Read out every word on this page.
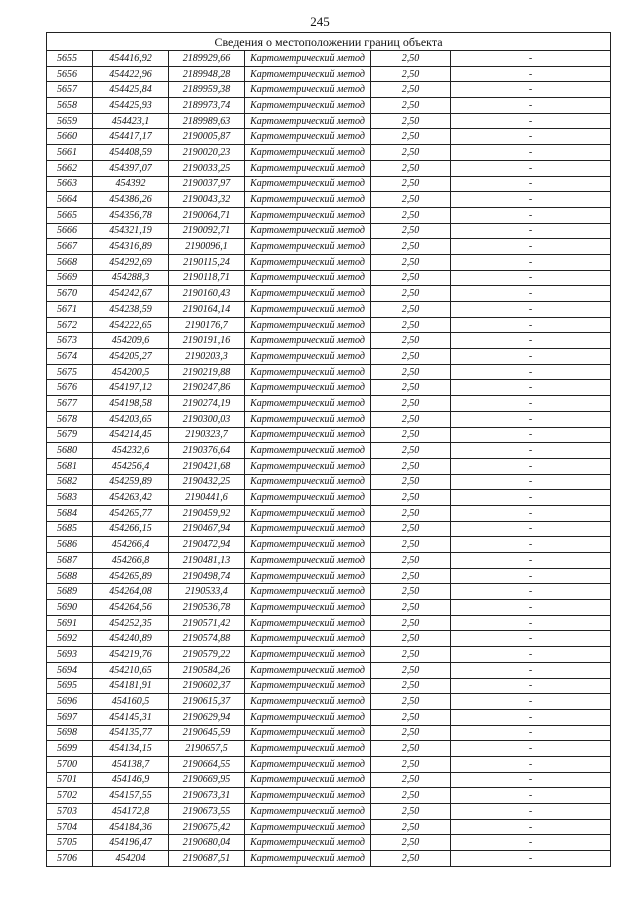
245
Сведения о местоположении границ объекта					
5655	454416,92	2189929,66	Картометрический метод	2,50	-
5656	454422,96	2189948,28	Картометрический метод	2,50	-
5657	454425,84	2189959,38	Картометрический метод	2,50	-
5658	454425,93	2189973,74	Картометрический метод	2,50	-
5659	454423,1	2189989,63	Картометрический метод	2,50	-
5660	454417,17	2190005,87	Картометрический метод	2,50	-
5661	454408,59	2190020,23	Картометрический метод	2,50	-
5662	454397,07	2190033,25	Картометрический метод	2,50	-
5663	454392	2190037,97	Картометрический метод	2,50	-
5664	454386,26	2190043,32	Картометрический метод	2,50	-
5665	454356,78	2190064,71	Картометрический метод	2,50	-
5666	454321,19	2190092,71	Картометрический метод	2,50	-
5667	454316,89	2190096,1	Картометрический метод	2,50	-
5668	454292,69	2190115,24	Картометрический метод	2,50	-
5669	454288,3	2190118,71	Картометрический метод	2,50	-
5670	454242,67	2190160,43	Картометрический метод	2,50	-
5671	454238,59	2190164,14	Картометрический метод	2,50	-
5672	454222,65	2190176,7	Картометрический метод	2,50	-
5673	454209,6	2190191,16	Картометрический метод	2,50	-
5674	454205,27	2190203,3	Картометрический метод	2,50	-
5675	454200,5	2190219,88	Картометрический метод	2,50	-
5676	454197,12	2190247,86	Картометрический метод	2,50	-
5677	454198,58	2190274,19	Картометрический метод	2,50	-
5678	454203,65	2190300,03	Картометрический метод	2,50	-
5679	454214,45	2190323,7	Картометрический метод	2,50	-
5680	454232,6	2190376,64	Картометрический метод	2,50	-
5681	454256,4	2190421,68	Картометрический метод	2,50	-
5682	454259,89	2190432,25	Картометрический метод	2,50	-
5683	454263,42	2190441,6	Картометрический метод	2,50	-
5684	454265,77	2190459,92	Картометрический метод	2,50	-
5685	454266,15	2190467,94	Картометрический метод	2,50	-
5686	454266,4	2190472,94	Картометрический метод	2,50	-
5687	454266,8	2190481,13	Картометрический метод	2,50	-
5688	454265,89	2190498,74	Картометрический метод	2,50	-
5689	454264,08	2190533,4	Картометрический метод	2,50	-
5690	454264,56	2190536,78	Картометрический метод	2,50	-
5691	454252,35	2190571,42	Картометрический метод	2,50	-
5692	454240,89	2190574,88	Картометрический метод	2,50	-
5693	454219,76	2190579,22	Картометрический метод	2,50	-
5694	454210,65	2190584,26	Картометрический метод	2,50	-
5695	454181,91	2190602,37	Картометрический метод	2,50	-
5696	454160,5	2190615,37	Картометрический метод	2,50	-
5697	454145,31	2190629,94	Картометрический метод	2,50	-
5698	454135,77	2190645,59	Картометрический метод	2,50	-
5699	454134,15	2190657,5	Картометрический метод	2,50	-
5700	454138,7	2190664,55	Картометрический метод	2,50	-
5701	454146,9	2190669,95	Картометрический метод	2,50	-
5702	454157,55	2190673,31	Картометрический метод	2,50	-
5703	454172,8	2190673,55	Картометрический метод	2,50	-
5704	454184,36	2190675,42	Картометрический метод	2,50	-
5705	454196,47	2190680,04	Картометрический метод	2,50	-
5706	454204	2190687,51	Картометрический метод	2,50	-
